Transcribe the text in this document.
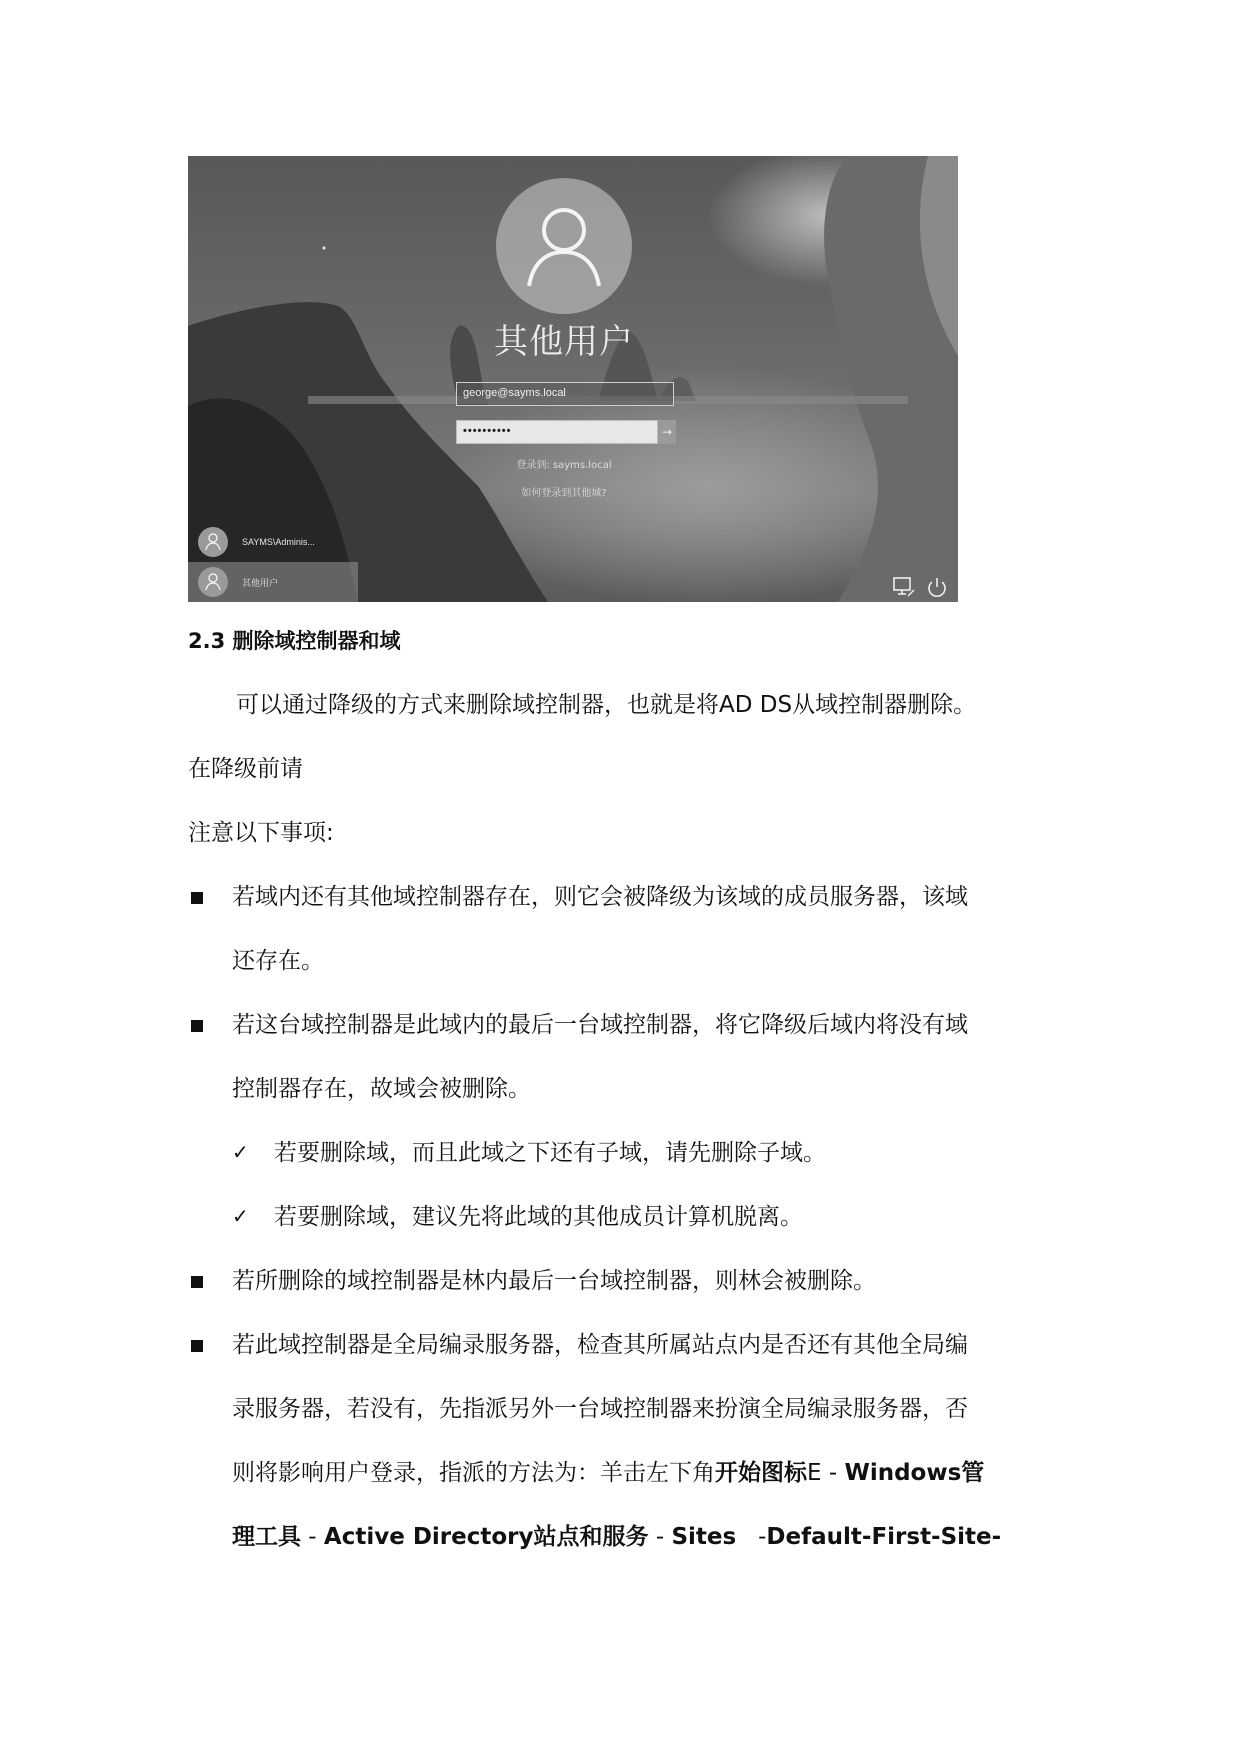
其他用户
george@sayms.local
••••••••••	→
登录到: sayms.local
如何登录到其他域?
SAYMS\Adminis...
其他用户
2.3 删除域控制器和域
可以通过降级的方式来删除域控制器，也就是将AD DS从域控制器删除。
在降级前请
注意以下事项:
若域内还有其他域控制器存在，则它会被降级为该域的成员服务器，该域
还存在。
若这台域控制器是此域内的最后一台域控制器，将它降级后域内将没有域
控制器存在，故域会被删除。
✓ 若要删除域，而且此域之下还有子域，请先删除子域。
✓ 若要删除域，建议先将此域的其他成员计算机脱离。
若所删除的域控制器是林内最后一台域控制器，则林会被删除。
若此域控制器是全局编录服务器，检查其所属站点内是否还有其他全局编
录服务器，若没有，先指派另外一台域控制器来扮演全局编录服务器，否
则将影响用户登录，指派的方法为：羊击左下角开始图标E - Windows管
理工具 - Active Directory站点和服务 - Sites   -Default-First-Site-
